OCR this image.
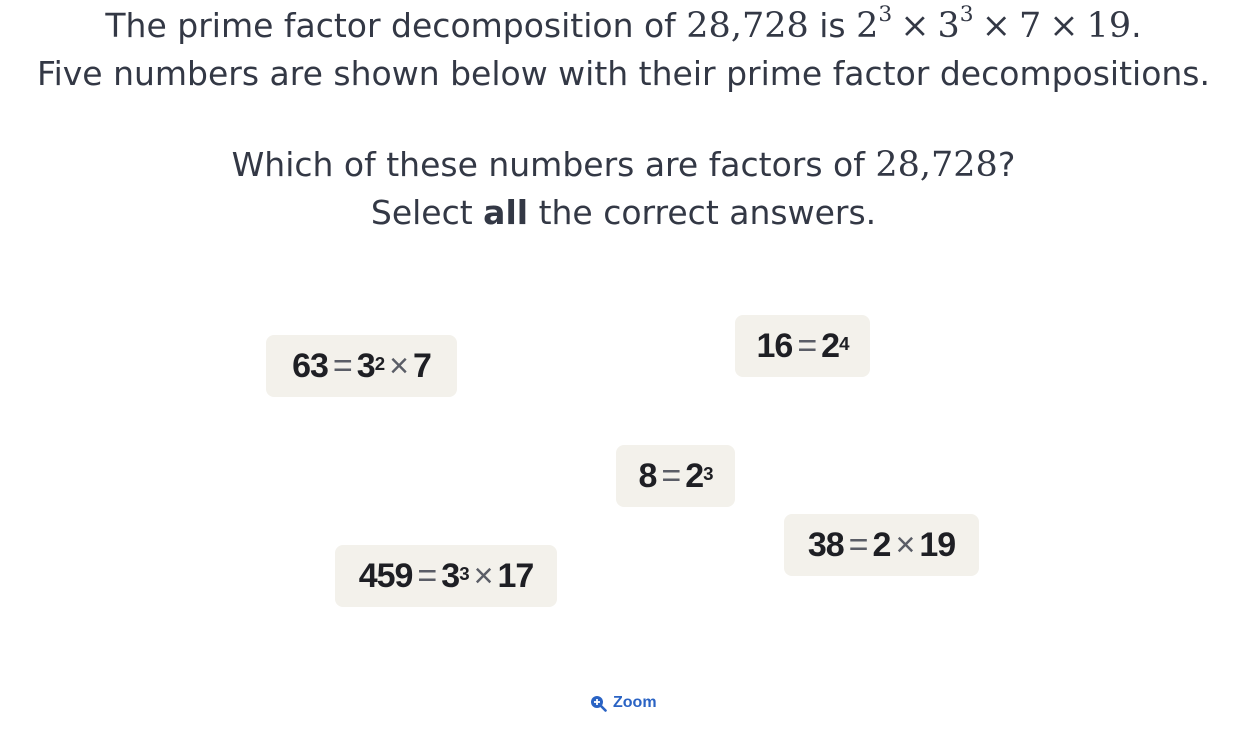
The prime factor decomposition of 28,728 is $2^3 \times 3^3 \times 7 \times 19$.
Five numbers are shown below with their prime factor decompositions.
Which of these numbers are factors of 28,728?
Select all the correct answers.
$63 = 3^2 \times 7$
$16 = 2^4$
$8 = 2^3$
38 = 2 × 19
$459 = 3^3 \times 17$
Zoom
